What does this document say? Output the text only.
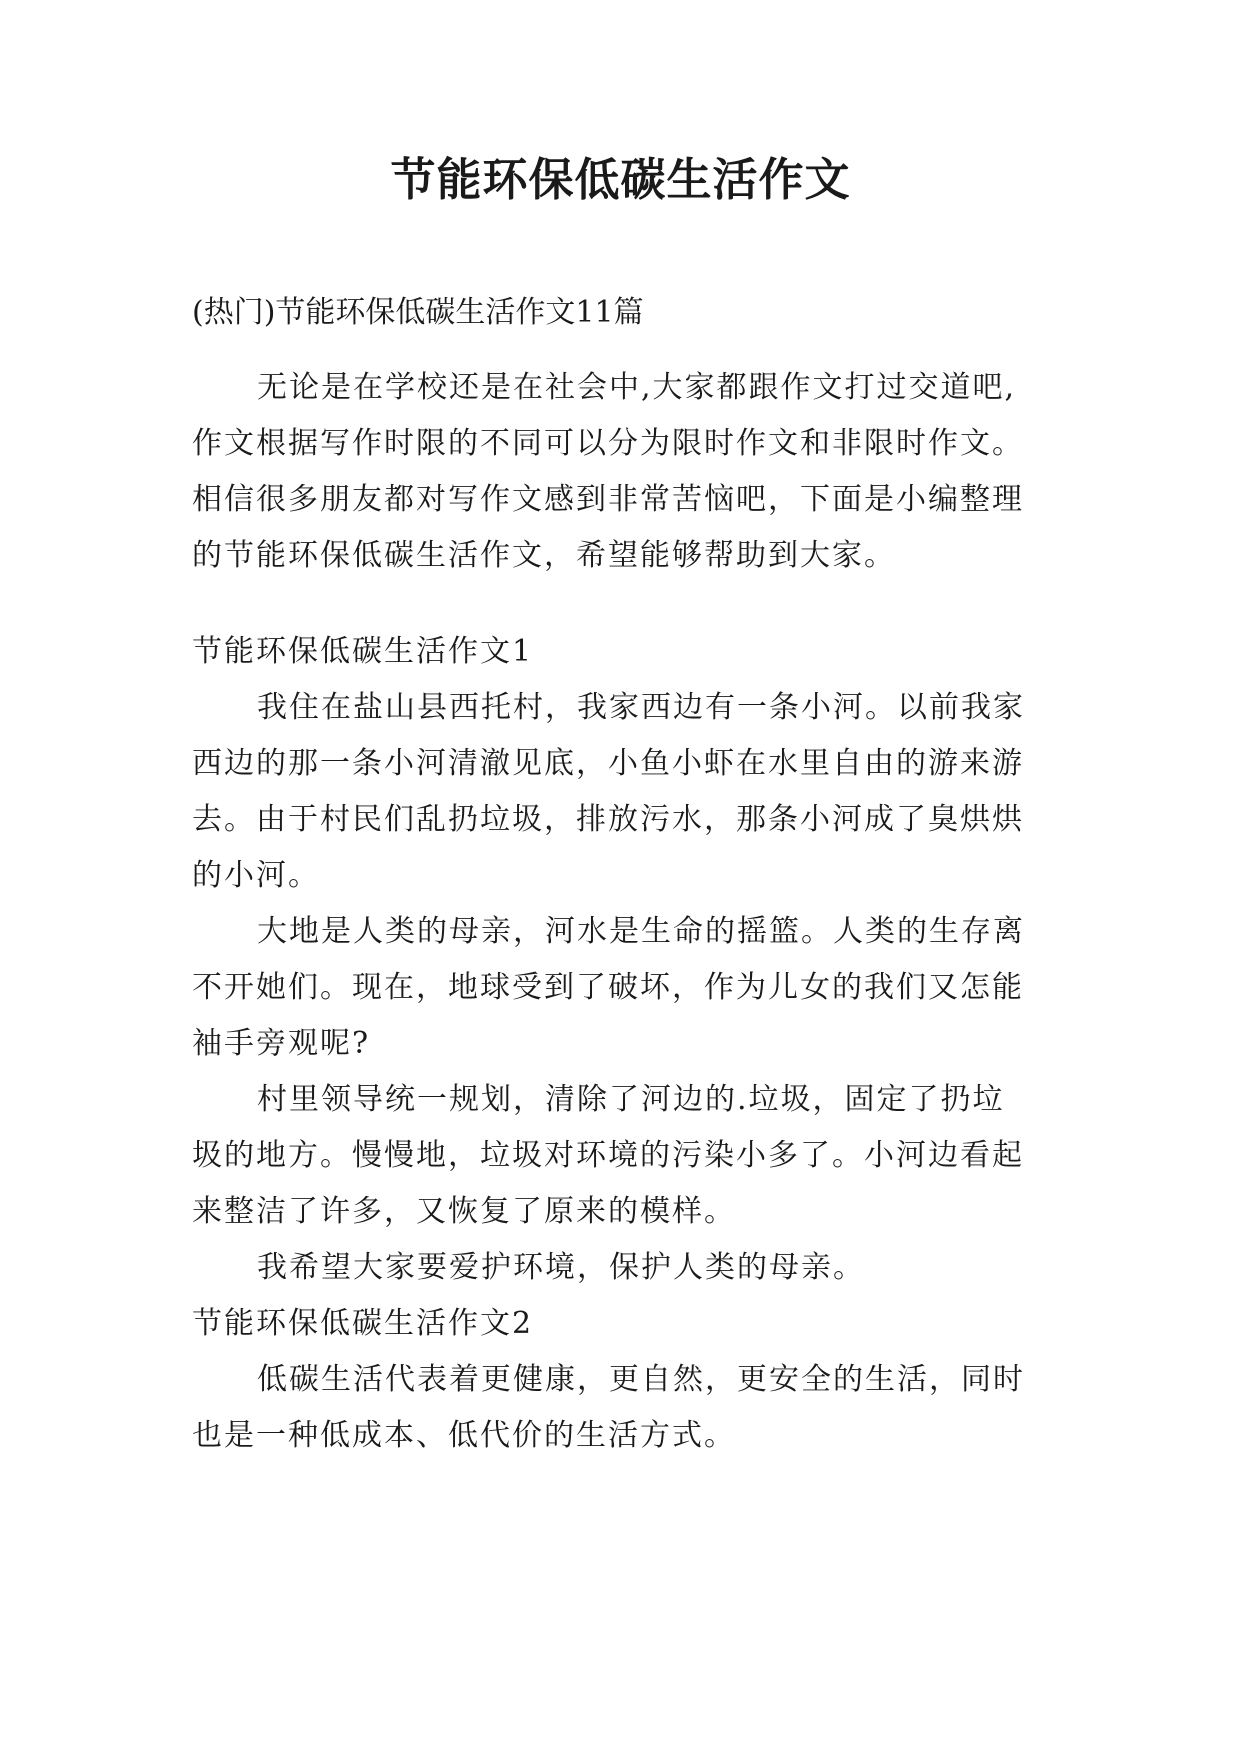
节能环保低碳生活作文

(热门)节能环保低碳生活作文11篇

无论是在学校还是在社会中,大家都跟作文打过交道吧,

作文根据写作时限的不同可以分为限时作文和非限时作文。

相信很多朋友都对写作文感到非常苦恼吧，下面是小编整理

的节能环保低碳生活作文，希望能够帮助到大家。

节能环保低碳生活作文1

我住在盐山县西托村，我家西边有一条小河。以前我家

西边的那一条小河清澈见底，小鱼小虾在水里自由的游来游

去。由于村民们乱扔垃圾，排放污水，那条小河成了臭烘烘

的小河。

大地是人类的母亲，河水是生命的摇篮。人类的生存离

不开她们。现在，地球受到了破坏，作为儿女的我们又怎能

袖手旁观呢?

村里领导统一规划，清除了河边的.垃圾，固定了扔垃

圾的地方。慢慢地，垃圾对环境的污染小多了。小河边看起

来整洁了许多，又恢复了原来的模样。

我希望大家要爱护环境，保护人类的母亲。

节能环保低碳生活作文2

低碳生活代表着更健康，更自然，更安全的生活，同时

也是一种低成本、低代价的生活方式。
